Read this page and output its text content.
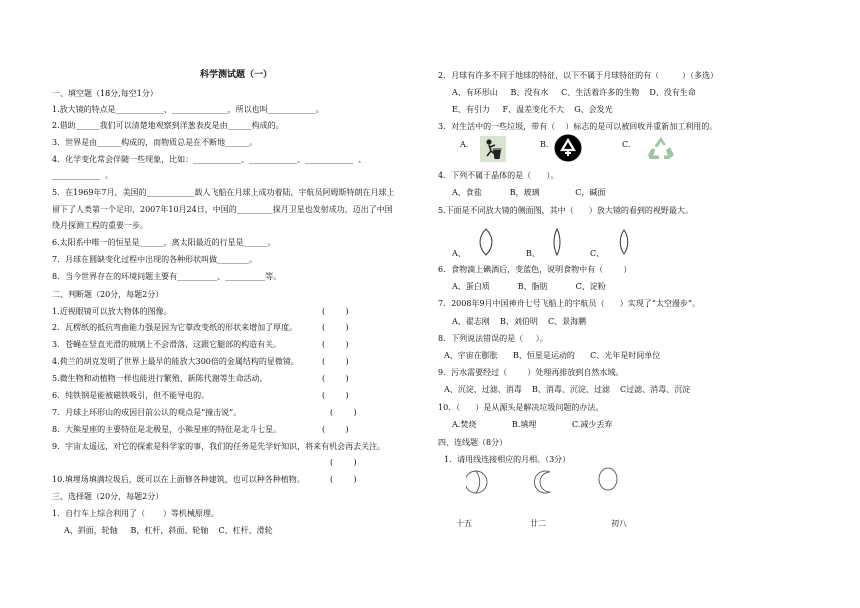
科学测试题（一）
一、填空题（18分,每空1分）
1.放大镜的特点是____________、______________，所以也叫____________。
2.借助______我们可以清楚地观察到洋葱表皮是由______构成的。
3．世界是由______构成的，而物质总是在不断地______。
4．化学变化常会伴随一些现象，比如：____________、____________、____________  、
____________  。
5．在1969年7月，美国的____________载人飞船在月球上成功着陆，宇航员阿姆斯特朗在月球上
留下了人类第一个足印，2007年10月24日，中国的_________探月卫星也发射成功，迈出了中国
绕月探测工程的重要一步。
6.太阳系中唯一的恒星是______，离太阳最近的行星是______。
7．月球在圆缺变化过程中出现的各种形状叫做________。
8．当今世界存在的环境问题主要有__________、__________等。
二、判断题（20分，每题2分）
1.近视眼镜可以放大物体的图像。	(        )
2．瓦楞纸的抵抗弯曲能力强是因为它靠改变纸的形状来增加了厚度。	(        )
3．苍蝇在竖直光滑的玻璃上不会滑落，这跟它腿部的构造有关。	(        )
4.荷兰的胡克发明了世界上最早的能放大300倍的金属结构的显微镜。	(        )
5.微生物和动植物一样也能进行繁殖、新陈代谢等生命活动。	(        )
6．纯铁钢是能被磁铁吸引，但不能导电的。	(        )
7．月球上环形山的成因目前公认的观点是“撞击说”。	(        )
8．大熊星座的主要特征是北极星，小熊星座的特征是北斗七星。	(        )
9．宇宙太遥远，对它的探索是科学家的事，我们的任务是先学好知识，将来有机会再去关注。
(        )
10.填埋场填满垃圾后，既可以在上面修各种建筑，也可以种各种植物。	(        )
三、选择题（20分，每题2分）
1．自行车上综合利用了（       ）等机械原理。
A、斜面，轮轴     B，杠杆，斜面、轮轴    C、杠杆、滑轮
2．月球有许多不同于地球的特征，以下不属于月球特征的有（         ）（多选）
A、有环形山     B、没有水     C、生活着许多的生物    D、没有生命
E、有引力     F、温差变化不大    G、会发光
3．对生活中的一些垃圾，带有（    ）标志的是可以被回收并重新加工利用的。
A.	B.	C.
4．下列不属于晶体的是（      ）。
A、食盐           B，玻璃              C，碱面
5.下面是不同放大镜的侧面图，其中（      ）放大镜的看到的视野最大。
A、	B、	C、
6．食物滴上碘酒后，变蓝色，说明食物中有（        ）
A、蛋白质           B、脂肪           C、淀粉
7．2008年9月中国神舟七号飞船上的宇航员（      ）实现了“太空漫步”。
A、翟志刚    B、刘伯明    C、景海鹏
8．下列说法错误的是（     ）。
A、宇宙在膨胀      B、恒星是运动的      C、光年是时间单位
9．污水需要经过（        ）处理再排放到自然水域。
A、沉淀、过滤、消毒    B、消毒、沉淀、过滤    C过滤、消毒、沉淀
10．（      ）是从源头是解决垃圾问题的办法。
A.焚烧              B.填埋              C.减少丢弃
四、连线题（8分）
1．请用线连接相应的月相。（3分）
十五	廿二	初八
